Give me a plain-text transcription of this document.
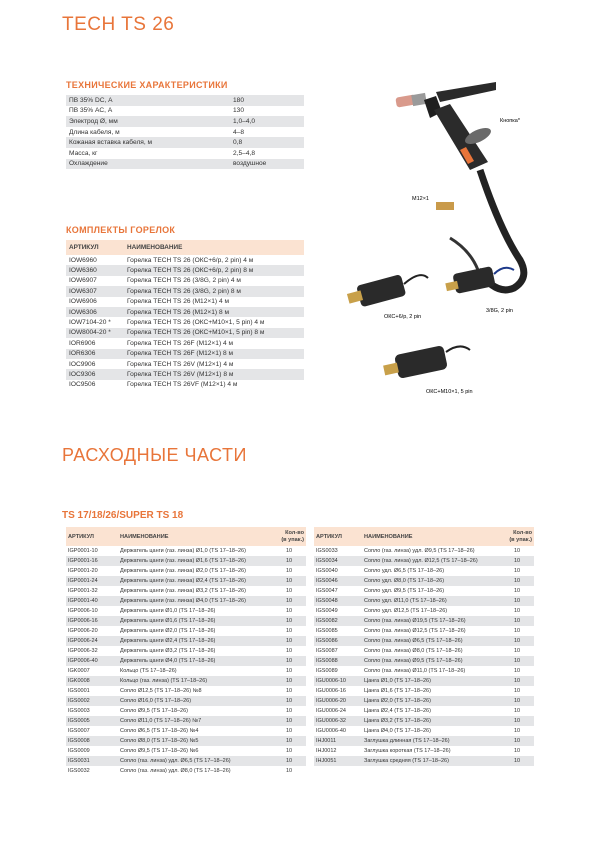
TECH TS 26
ТЕХНИЧЕСКИЕ ХАРАКТЕРИСТИКИ
ПВ 35% DC, А	180
ПВ 35% AC, А	130
Электрод Ø, мм	1,0–4,0
Длина кабеля, м	4–8
Кожаная вставка кабеля, м	0,8
Масса, кг	2,5–4,8
Охлаждение	воздушное
КОМПЛЕКТЫ ГОРЕЛОК
АРТИКУЛ	НАИМЕНОВАНИЕ
IOW6960	Горелка TECH TS 26 (ОКС+6/р, 2 pin) 4 м
IOW6360	Горелка TECH TS 26 (ОКС+6/р, 2 pin) 8 м
IOW6907	Горелка TECH TS 26 (3/8G, 2 pin) 4 м
IOW6307	Горелка TECH TS 26 (3/8G, 2 pin) 8 м
IOW6906	Горелка TECH TS 26 (M12×1) 4 м
IOW6306	Горелка TECH TS 26 (M12×1) 8 м
IOW7104-20 *	Горелка TECH TS 26 (ОКС+M10×1, 5 pin) 4 м
IOW8004-20 *	Горелка TECH TS 26 (ОКС+M10×1, 5 pin) 8 м
IOR6906	Горелка TECH TS 26F (M12×1) 4 м
IOR6306	Горелка TECH TS 26F (M12×1) 8 м
IOC9906	Горелка TECH TS 26V (M12×1) 4 м
IOC9306	Горелка TECH TS 26V (M12×1) 8 м
IOC9506	Горелка TECH TS 26VF (M12×1) 4 м
Кнопка*
M12×1
ОКС+6/р, 2 pin
3/8G, 2 pin
ОКС+M10×1, 5 pin
РАСХОДНЫЕ ЧАСТИ
TS 17/18/26/SUPER TS 18
АРТИКУЛ	НАИМЕНОВАНИЕ	Кол-во
(в упак.)
IGP0001-10	Держатель цанги (газ. линза) Ø1,0 (TS 17–18–26)	10
IGP0001-16	Держатель цанги (газ. линза) Ø1,6 (TS 17–18–26)	10
IGP0001-20	Держатель цанги (газ. линза) Ø2,0 (TS 17–18–26)	10
IGP0001-24	Держатель цанги (газ. линза) Ø2,4 (TS 17–18–26)	10
IGP0001-32	Держатель цанги (газ. линза) Ø3,2 (TS 17–18–26)	10
IGP0001-40	Держатель цанги (газ. линза) Ø4,0 (TS 17–18–26)	10
IGP0006-10	Держатель цанги Ø1,0 (TS 17–18–26)	10
IGP0006-16	Держатель цанги Ø1,6 (TS 17–18–26)	10
IGP0006-20	Держатель цанги Ø2,0 (TS 17–18–26)	10
IGP0006-24	Держатель цанги Ø2,4 (TS 17–18–26)	10
IGP0006-32	Держатель цанги Ø3,2 (TS 17–18–26)	10
IGP0006-40	Держатель цанги Ø4,0 (TS 17–18–26)	10
IGK0007	Кольцо (TS 17–18–26)	10
IGK0008	Кольцо (газ. линза) (TS 17–18–26)	10
IGS0001	Сопло Ø12,5 (TS 17–18–26) №8	10
IGS0002	Сопло Ø16,0 (TS 17–18–26)	10
IGS0003	Сопло Ø9,5 (TS 17–18–26)	10
IGS0005	Сопло Ø11,0 (TS 17–18–26) №7	10
IGS0007	Сопло Ø6,5 (TS 17–18–26) №4	10
IGS0008	Сопло Ø8,0 (TS 17–18–26) №5	10
IGS0009	Сопло Ø9,5 (TS 17–18–26) №6	10
IGS0031	Сопло (газ. линза) удл. Ø6,5 (TS 17–18–26)	10
IGS0032	Сопло (газ. линза) удл. Ø8,0 (TS 17–18–26)	10
АРТИКУЛ	НАИМЕНОВАНИЕ	Кол-во
(в упак.)
IGS0033	Сопло (газ. линза) удл. Ø9,5 (TS 17–18–26)	10
IGS0034	Сопло (газ. линза) удл. Ø12,5 (TS 17–18–26)	10
IGS0040	Сопло удл. Ø6,5 (TS 17–18–26)	10
IGS0046	Сопло удл. Ø8,0 (TS 17–18–26)	10
IGS0047	Сопло удл. Ø9,5 (TS 17–18–26)	10
IGS0048	Сопло удл. Ø11,0 (TS 17–18–26)	10
IGS0049	Сопло удл. Ø12,5 (TS 17–18–26)	10
IGS0082	Сопло (газ. линза) Ø19,5 (TS 17–18–26)	10
IGS0085	Сопло (газ. линза) Ø12,5 (TS 17–18–26)	10
IGS0086	Сопло (газ. линза) Ø6,5 (TS 17–18–26)	10
IGS0087	Сопло (газ. линза) Ø8,0 (TS 17–18–26)	10
IGS0088	Сопло (газ. линза) Ø9,5 (TS 17–18–26)	10
IGS0089	Сопло (газ. линза) Ø11,0 (TS 17–18–26)	10
IGU0006-10	Цанга Ø1,0 (TS 17–18–26)	10
IGU0006-16	Цанга Ø1,6 (TS 17–18–26)	10
IGU0006-20	Цанга Ø2,0 (TS 17–18–26)	10
IGU0006-24	Цанга Ø2,4 (TS 17–18–26)	10
IGU0006-32	Цанга Ø3,2 (TS 17–18–26)	10
IGU0006-40	Цанга Ø4,0 (TS 17–18–26)	10
IHJ0011	Заглушка длинная (TS 17–18–26)	10
IHJ0012	Заглушка короткая (TS 17–18–26)	10
IHJ0051	Заглушка средняя (TS 17–18–26)	10
